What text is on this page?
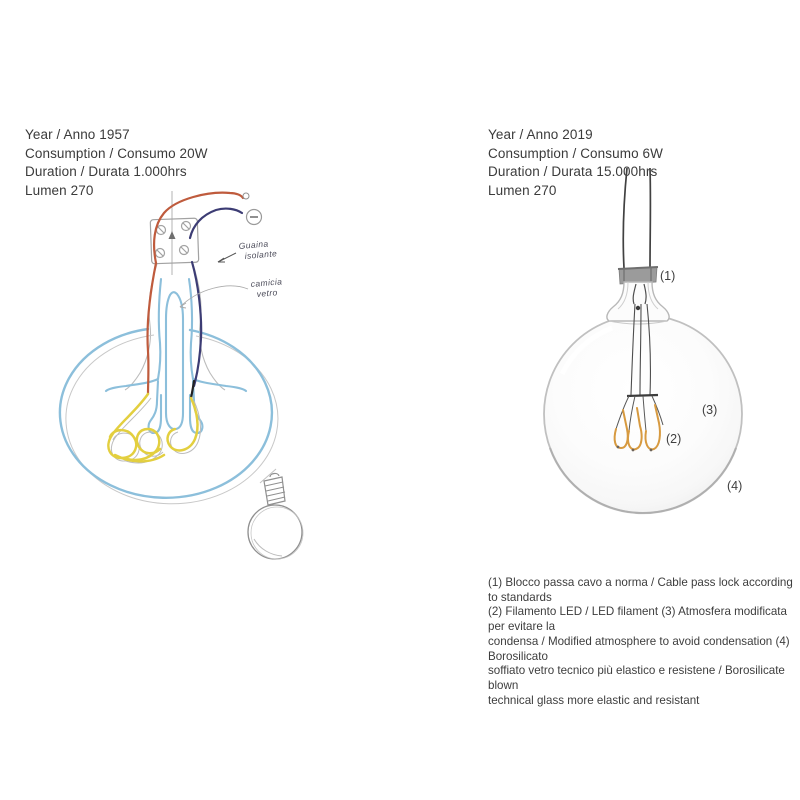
Year / Anno 1957
Consumption / Consumo 20W
Duration / Durata 1.000hrs
Lumen 270
Year / Anno 2019
Consumption / Consumo 6W
Duration / Durata 15.000hrs
Lumen 270
Guaina
isolante
camicia
vetro
(1)
(2)
(3)
(4)
(1) Blocco passa cavo a norma / Cable pass lock according to standards
(2) Filamento LED / LED filament (3) Atmosfera modificata per evitare la
condensa / Modified atmosphere to avoid condensation (4) Borosilicato
soffiato vetro tecnico più elastico e resistene / Borosilicate blown
technical glass more elastic and resistant
